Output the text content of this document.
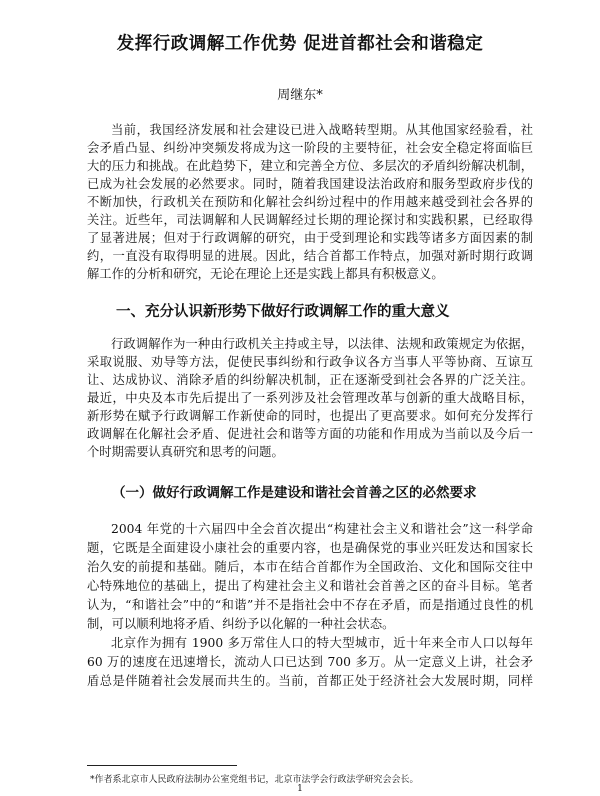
发挥行政调解工作优势 促进首都社会和谐稳定
周继东*
当前，我国经济发展和社会建设已进入战略转型期。从其他国家经验看，社
会矛盾凸显、纠纷冲突频发将成为这一阶段的主要特征，社会安全稳定将面临巨
大的压力和挑战。在此趋势下，建立和完善全方位、多层次的矛盾纠纷解决机制，
已成为社会发展的必然要求。同时，随着我国建设法治政府和服务型政府步伐的
不断加快，行政机关在预防和化解社会纠纷过程中的作用越来越受到社会各界的
关注。近些年，司法调解和人民调解经过长期的理论探讨和实践积累，已经取得
了显著进展；但对于行政调解的研究，由于受到理论和实践等诸多方面因素的制
约，一直没有取得明显的进展。因此，结合首都工作特点，加强对新时期行政调
解工作的分析和研究，无论在理论上还是实践上都具有积极意义。
一、充分认识新形势下做好行政调解工作的重大意义
行政调解作为一种由行政机关主持或主导，以法律、法规和政策规定为依据，
采取说服、劝导等方法，促使民事纠纷和行政争议各方当事人平等协商、互谅互
让、达成协议、消除矛盾的纠纷解决机制，正在逐渐受到社会各界的广泛关注。
最近，中央及本市先后提出了一系列涉及社会管理改革与创新的重大战略目标，
新形势在赋予行政调解工作新使命的同时，也提出了更高要求。如何充分发挥行
政调解在化解社会矛盾、促进社会和谐等方面的功能和作用成为当前以及今后一
个时期需要认真研究和思考的问题。
（一）做好行政调解工作是建设和谐社会首善之区的必然要求
2004 年党的十六届四中全会首次提出“构建社会主义和谐社会”这一科学命
题，它既是全面建设小康社会的重要内容，也是确保党的事业兴旺发达和国家长
治久安的前提和基础。随后，本市在结合首都作为全国政治、文化和国际交往中
心特殊地位的基础上，提出了构建社会主义和谐社会首善之区的奋斗目标。笔者
认为，“和谐社会”中的“和谐”并不是指社会中不存在矛盾，而是指通过良性的机
制，可以顺利地将矛盾、纠纷予以化解的一种社会状态。
北京作为拥有 1900 多万常住人口的特大型城市，近十年来全市人口以每年
60 万的速度在迅速增长，流动人口已达到 700 多万。从一定意义上讲，社会矛
盾总是伴随着社会发展而共生的。当前，首都正处于经济社会大发展时期，同样
*作者系北京市人民政府法制办公室党组书记，北京市法学会行政法学研究会会长。
1
